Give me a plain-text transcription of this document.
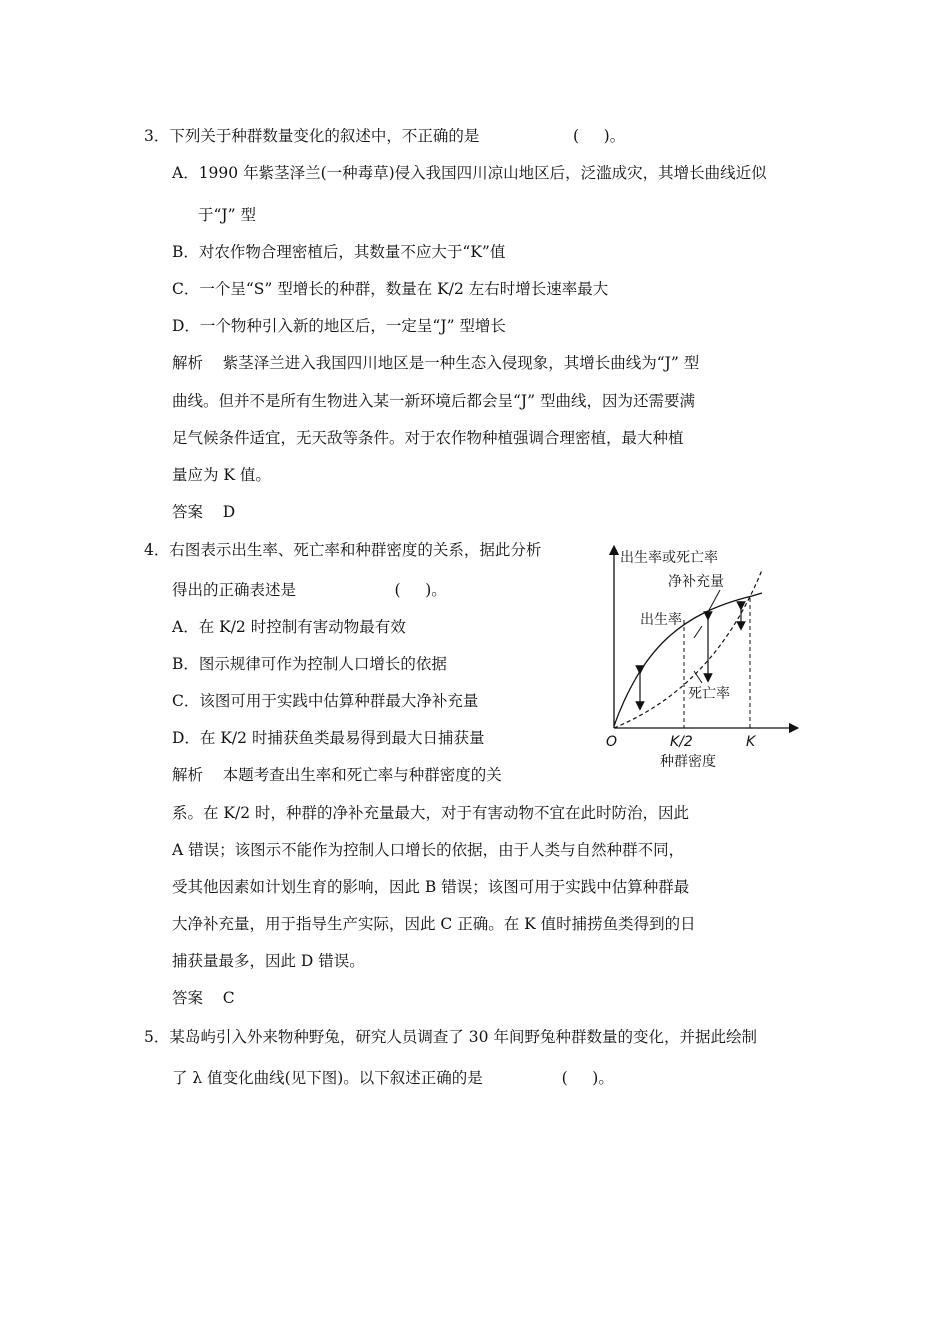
3．下列关于种群数量变化的叙述中，不正确的是                   (     )。
A．1990 年紫茎泽兰(一种毒草)侵入我国四川凉山地区后，泛滥成灾，其增长曲线近似
于“J” 型
B．对农作物合理密植后，其数量不应大于“K”值
C．一个呈“S” 型增长的种群，数量在 K/2 左右时增长速率最大
D．一个物种引入新的地区后，一定呈“J” 型增长
解析    紫茎泽兰进入我国四川地区是一种生态入侵现象，其增长曲线为“J” 型
曲线。但并不是所有生物进入某一新环境后都会呈“J” 型曲线，因为还需要满
足气候条件适宜，无天敌等条件。对于农作物种植强调合理密植，最大种植
量应为 K 值。
答案    D
4．右图表示出生率、死亡率和种群密度的关系，据此分析
得出的正确表述是                    (     )。
A．在 K/2 时控制有害动物最有效
B．图示规律可作为控制人口增长的依据
C．该图可用于实践中估算种群最大净补充量
D．在 K/2 时捕获鱼类最易得到最大日捕获量
解析    本题考查出生率和死亡率与种群密度的关
系。在 K/2 时，种群的净补充量最大，对于有害动物不宜在此时防治，因此
A 错误；该图示不能作为控制人口增长的依据，由于人类与自然种群不同，
受其他因素如计划生育的影响，因此 B 错误；该图可用于实践中估算种群最
大净补充量，用于指导生产实际，因此 C 正确。在 K 值时捕捞鱼类得到的日
捕获量最多，因此 D 错误。
答案    C
出生率或死亡率
净补充量
出生率
死亡率
O	K/2	K
种群密度
5．某岛屿引入外来物种野兔，研究人员调查了 30 年间野兔种群数量的变化，并据此绘制
了 λ 值变化曲线(见下图)。以下叙述正确的是                (     )。
